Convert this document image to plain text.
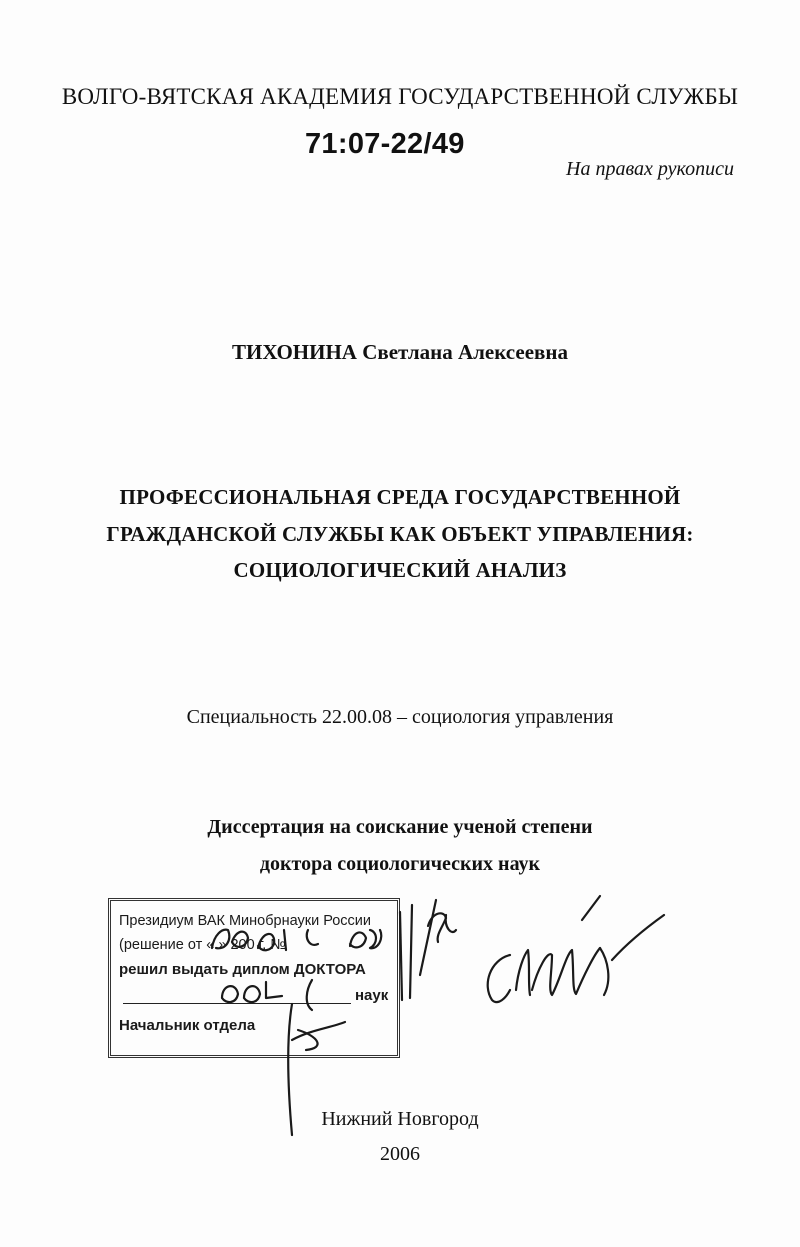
ВОЛГО-ВЯТСКАЯ АКАДЕМИЯ ГОСУДАРСТВЕННОЙ СЛУЖБЫ
71:07-22/49
На правах рукописи
ТИХОНИНА Светлана Алексеевна
ПРОФЕССИОНАЛЬНАЯ СРЕДА ГОСУДАРСТВЕННОЙ
ГРАЖДАНСКОЙ СЛУЖБЫ КАК ОБЪЕКТ УПРАВЛЕНИЯ:
СОЦИОЛОГИЧЕСКИЙ АНАЛИЗ
Специальность 22.00.08 – социология управления
Диссертация на соискание ученой степени
доктора социологических наук
Президиум ВАК Минобрнауки России
(решение от « » 200 г. №
решил выдать диплом ДОКТОРА
наук
Начальник отдела
Нижний Новгород
2006
